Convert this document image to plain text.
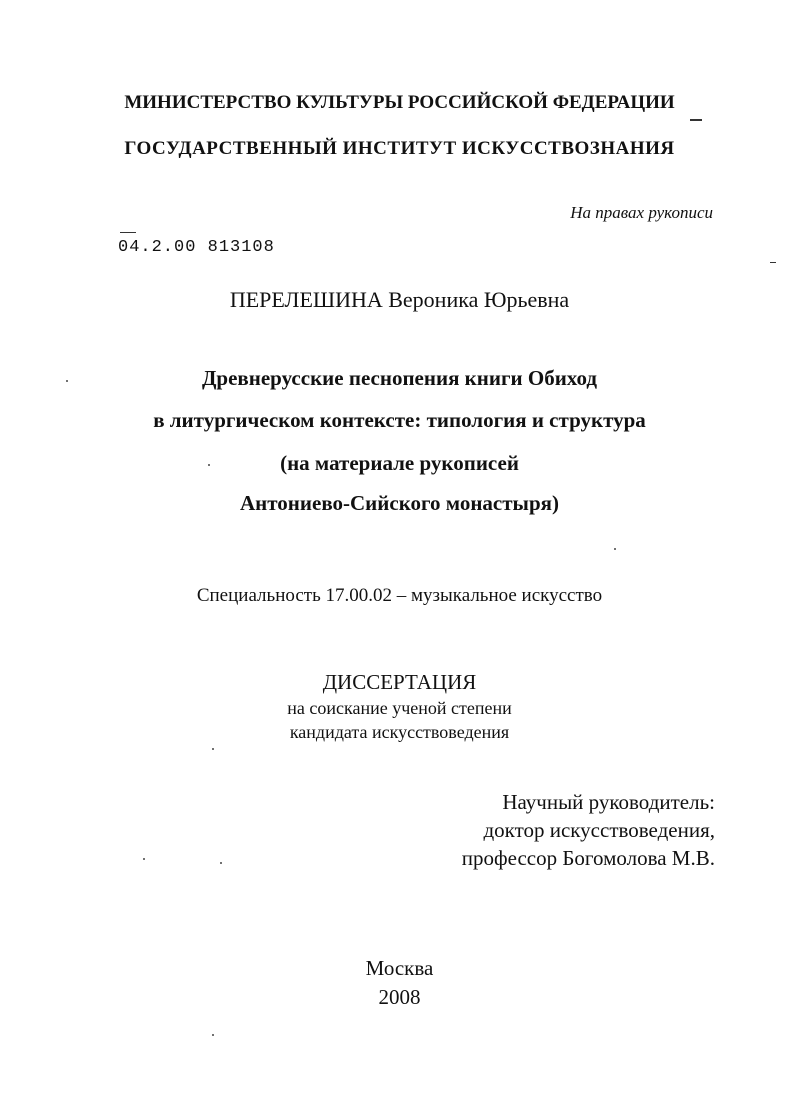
МИНИСТЕРСТВО КУЛЬТУРЫ РОССИЙСКОЙ ФЕДЕРАЦИИ
ГОСУДАРСТВЕННЫЙ ИНСТИТУТ ИСКУССТВОЗНАНИЯ
На правах рукописи
04.2.00 813108
ПЕРЕЛЕШИНА Вероника Юрьевна
Древнерусские песнопения книги Обиход
в литургическом контексте: типология и структура
(на материале рукописей
Антониево-Сийского монастыря)
Специальность 17.00.02 – музыкальное искусство
ДИССЕРТАЦИЯ
на соискание ученой степени
кандидата искусствоведения
Научный руководитель:
доктор искусствоведения,
профессор Богомолова М.В.
Москва
2008
